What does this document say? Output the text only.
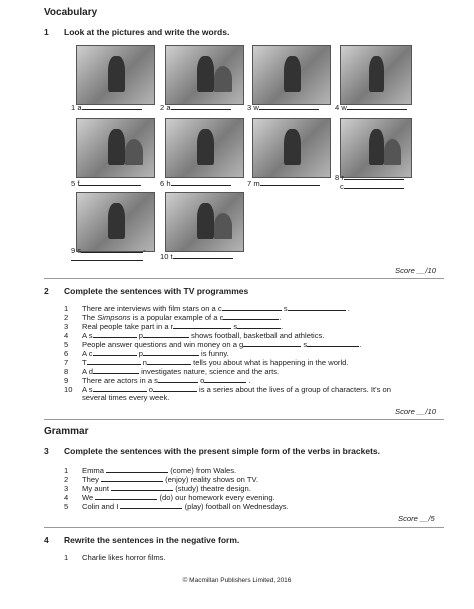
Vocabulary
1 Look at the pictures and write the words.
1 a	2 a	3 w	4 w
5 f	6 h	7 m
8 r
c
9 s	-
10 t
Score __/10
2 Complete the sentences with TV programmes
1 There are interviews with film stars on a c	s	.
2 The Simpsons is a popular example of a c	.
3 Real people take part in a r	s	.
4 A s	p	shows football, basketball and athletics.
5 People answer questions and win money on a g	s	.
6 A c	p	is funny.
7 T	n	tells you about what is happening in the world.
8 A d	investigates nature, science and the arts.
9 There are actors in a s	o	.
10 A s	o	is a series about the lives of a group of characters. It’s on
several times every week.
Score __/10
Grammar
3 Complete the sentences with the present simple form of the verbs in brackets.
1 Emma	(come) from Wales.
2 They	(enjoy) reality shows on TV.
3 My aunt	(study) theatre design.
4 We	(do) our homework every evening.
5 Colin and I	(play) football on Wednesdays.
Score __/5
4 Rewrite the sentences in the negative form.
1 Charlie likes horror films.
© Macmillan Publishers Limited, 2016
